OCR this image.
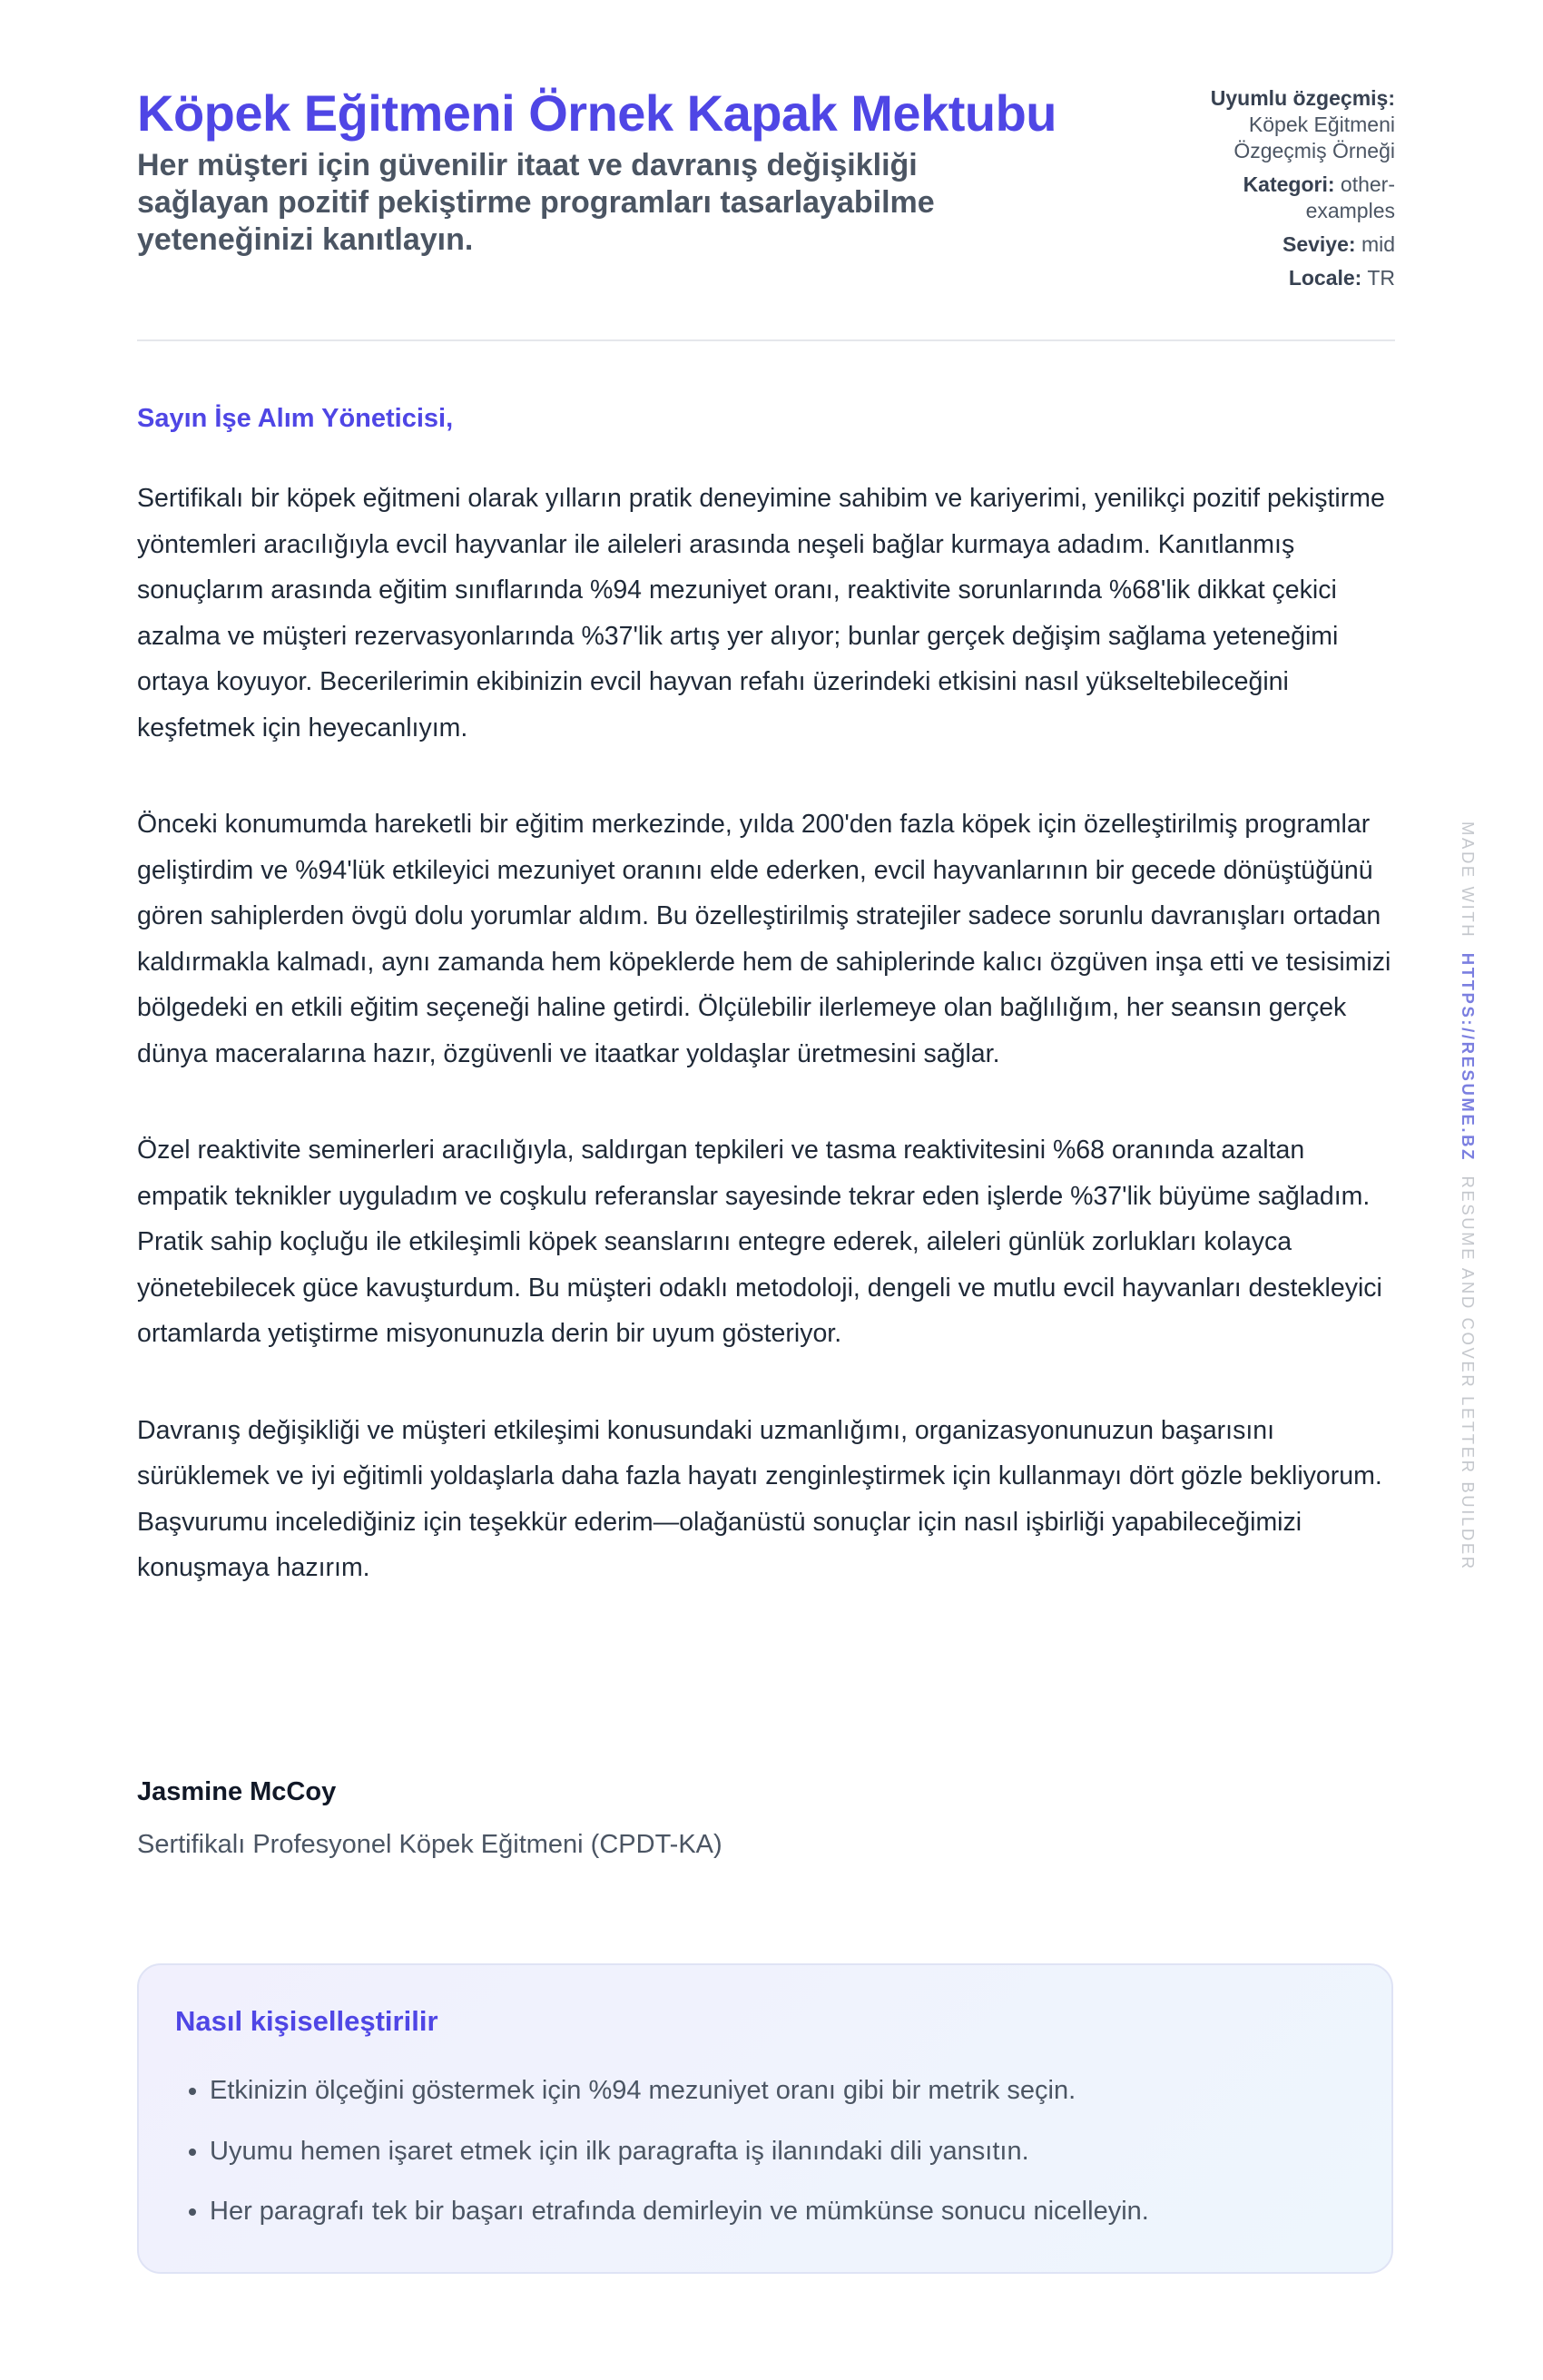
Köpek Eğitmeni Örnek Kapak Mektubu
Her müşteri için güvenilir itaat ve davranış değişikliği sağlayan pozitif pekiştirme programları tasarlayabilme yeteneğinizi kanıtlayın.
Uyumlu özgeçmiş: Köpek Eğitmeni Özgeçmiş Örneği
Kategori: other-examples
Seviye: mid
Locale: TR
Sayın İşe Alım Yöneticisi,

Sertifikalı bir köpek eğitmeni olarak yılların pratik deneyimine sahibim ve kariyerimi, yenilikçi pozitif pekiştirme yöntemleri aracılığıyla evcil hayvanlar ile aileleri arasında neşeli bağlar kurmaya adadım. Kanıtlanmış sonuçlarım arasında eğitim sınıflarında %94 mezuniyet oranı, reaktivite sorunlarında %68'lik dikkat çekici azalma ve müşteri rezervasyonlarında %37'lik artış yer alıyor; bunlar gerçek değişim sağlama yeteneğimi ortaya koyuyor. Becerilerimin ekibinizin evcil hayvan refahı üzerindeki etkisini nasıl yükseltebileceğini keşfetmek için heyecanlıyım.

Önceki konumumda hareketli bir eğitim merkezinde, yılda 200'den fazla köpek için özelleştirilmiş programlar geliştirdim ve %94'lük etkileyici mezuniyet oranını elde ederken, evcil hayvanlarının bir gecede dönüştüğünü gören sahiplerden övgü dolu yorumlar aldım. Bu özelleştirilmiş stratejiler sadece sorunlu davranışları ortadan kaldırmakla kalmadı, aynı zamanda hem köpeklerde hem de sahiplerinde kalıcı özgüven inşa etti ve tesisimizi bölgedeki en etkili eğitim seçeneği haline getirdi. Ölçülebilir ilerlemeye olan bağlılığım, her seansın gerçek dünya maceralarına hazır, özgüvenli ve itaatkar yoldaşlar üretmesini sağlar.

Özel reaktivite seminerleri aracılığıyla, saldırgan tepkileri ve tasma reaktivitesini %68 oranında azaltan empatik teknikler uyguladım ve coşkulu referanslar sayesinde tekrar eden işlerde %37'lik büyüme sağladım. Pratik sahip koçluğu ile etkileşimli köpek seanslarını entegre ederek, aileleri günlük zorlukları kolayca yönetebilecek güce kavuşturdum. Bu müşteri odaklı metodoloji, dengeli ve mutlu evcil hayvanları destekleyici ortamlarda yetiştirme misyonunuzla derin bir uyum gösteriyor.

Davranış değişikliği ve müşteri etkileşimi konusundaki uzmanlığımı, organizasyonunuzun başarısını sürüklemek ve iyi eğitimli yoldaşlarla daha fazla hayatı zenginleştirmek için kullanmayı dört gözle bekliyorum. Başvurumu incelediğiniz için teşekkür ederim—olağanüstü sonuçlar için nasıl işbirliği yapabileceğimizi konuşmaya hazırım.

Jasmine McCoy
Sertifikalı Profesyonel Köpek Eğitmeni (CPDT-KA)
Nasıl kişiselleştirilir
• Etkinizin ölçeğini göstermek için %94 mezuniyet oranı gibi bir metrik seçin.
• Uyumu hemen işaret etmek için ilk paragrafta iş ilanındaki dili yansıtın.
• Her paragrafı tek bir başarı etrafında demirleyin ve mümkünse sonucu nicelleyin.
MADE WITH  HTTPS://RESUME.BZ  RESUME AND COVER LETTER BUILDER
